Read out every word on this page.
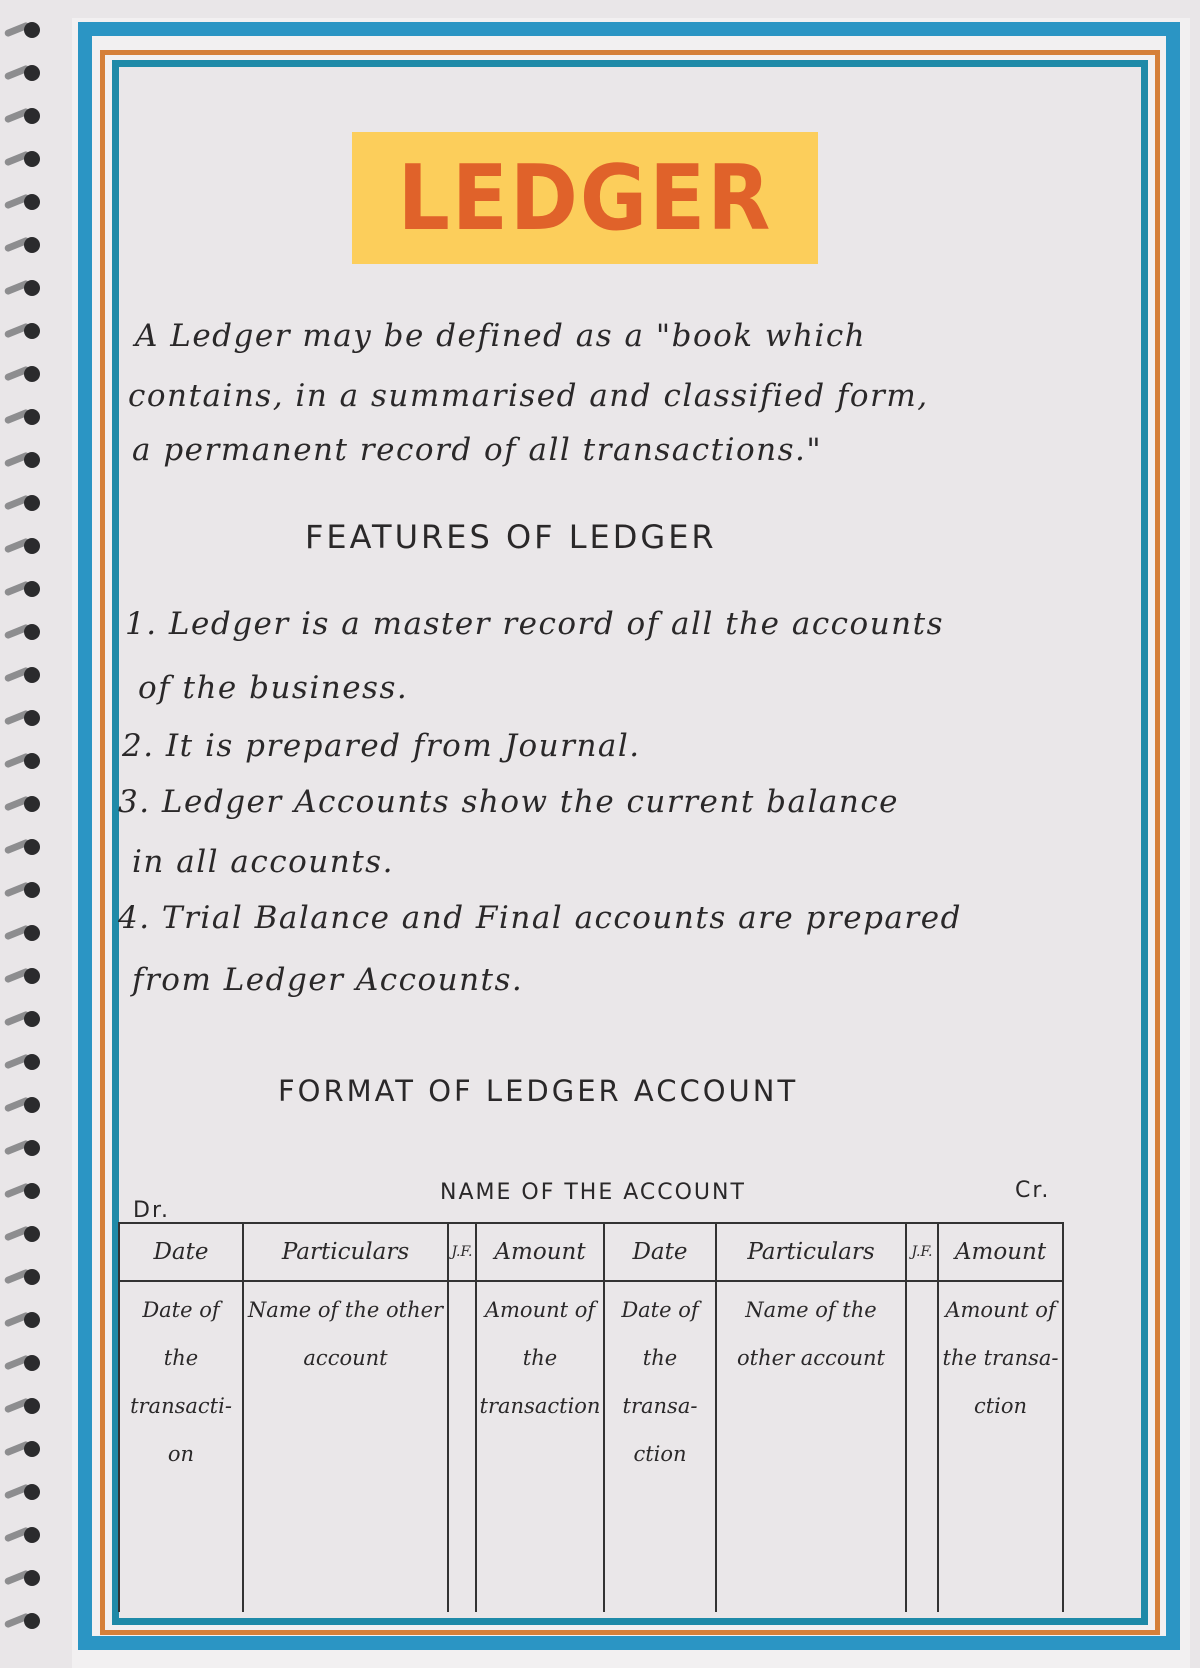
LEDGER
A Ledger may be defined as a "book which
contains, in a summarised and classified form,
a permanent record of all transactions."
FEATURES OF LEDGER
1. Ledger is a master record of all the accounts
of the business.
2. It is prepared from Journal.
3. Ledger Accounts show the current balance
in all accounts.
4. Trial Balance and Final accounts are prepared
from Ledger Accounts.
FORMAT OF LEDGER ACCOUNT
NAME OF THE ACCOUNT
Dr.
Cr.
Date	Particulars	J.F.	Amount	Date	Particulars	J.F.	Amount
Date of the transacti-on	Name of the other account		Amount of the transaction	Date of the transa-ction	Name of the other account		Amount of the transa-ction
